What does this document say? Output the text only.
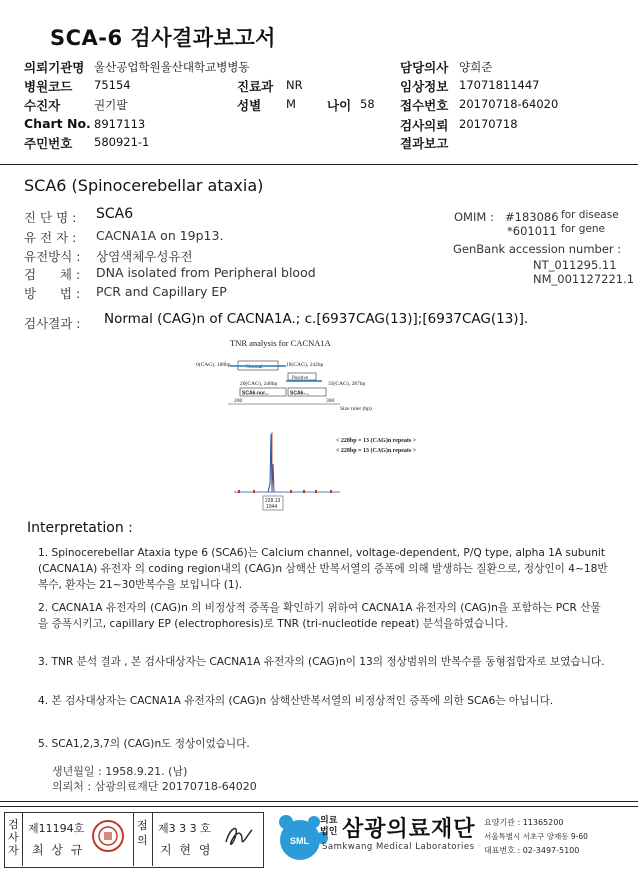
SCA-6 검사결과보고서
의뢰기관명 울산공업학원울산대학교병병동
병원코드 75154
수진자	권기팔
Chart No. 8917113
주민번호 580921-1
진료과 NR
성별 M 나이 58
담당의사 양희준
임상정보 17071811447
접수번호 20170718-64020
검사의뢰 20170718
결과보고
SCA6 (Spinocerebellar ataxia)
진 단 명 : SCA6
유 전 자 : CACNA1A on 19p13.
유전방식 : 상염색체우성유전
검      체 : DNA isolated from Peripheral blood
방      법 : PCR and Capillary EP
OMIM : #183086 for disease
*601011 for gene
GenBank accession number :
NT_011295.11
NM_001127221.1
검사결과 : Normal (CAG)n of CACNA1A.; c.[6937CAG(13)];[6937CAG(13)].
TNR analysis for CACNA1A
0(CAG), 188bp	Normal	18(CAG), 242bp
Positive
20(CAG), 248bp	33(CAG), 287bp
SCA6-nor...	SCA6-...
200	300
Size ruler (bp)
< 228bp = 13 (CAG)n repeats >
< 228bp = 13 (CAG)n repeats >
228.13
1044
Interpretation :
1. Spinocerebellar Ataxia type 6 (SCA6)는 Calcium channel, voltage-dependent, P/Q type, alpha 1A subunit (CACNA1A) 유전자 의 coding region내의 (CAG)n 삼핵산 반복서열의 증폭에 의해 발생하는 질환으로, 정상인이 4~18반복수, 환자는 21~30반복수을 보입니다 (1).
2. CACNA1A 유전자의 (CAG)n 의 비정상적 증폭을 확인하기 위하여 CACNA1A 유전자의 (CAG)n을 포함하는 PCR 산물을 증폭시키고, capillary EP (electrophoresis)로 TNR (tri-nucleotide repeat) 분석을하였습니다.
3. TNR 분석 결과 , 본 검사대상자는 CACNA1A 유전자의 (CAG)n이 13의 정상범위의 반복수를 동형접합자로 보였습니다.
4. 본 검사대상자는 CACNA1A 유전자의 (CAG)n 삼핵산반복서열의 비정상적인 증폭에 의한 SCA6는 아닙니다.
5. SCA1,2,3,7의 (CAG)n도 정상이었습니다.
생년월일 : 1958.9.21. (남)
의뢰처 : 삼광의료재단 20170718-64020
검사자
제11194호
최 상 규
점의
제3 3 3 호
지 현 영
SML
의료법인 삼광의료재단
Samkwang Medical Laboratories
요양기관 : 11365200
서울특별시 서초구 양재동 9-60
대표번호 : 02-3497-5100
